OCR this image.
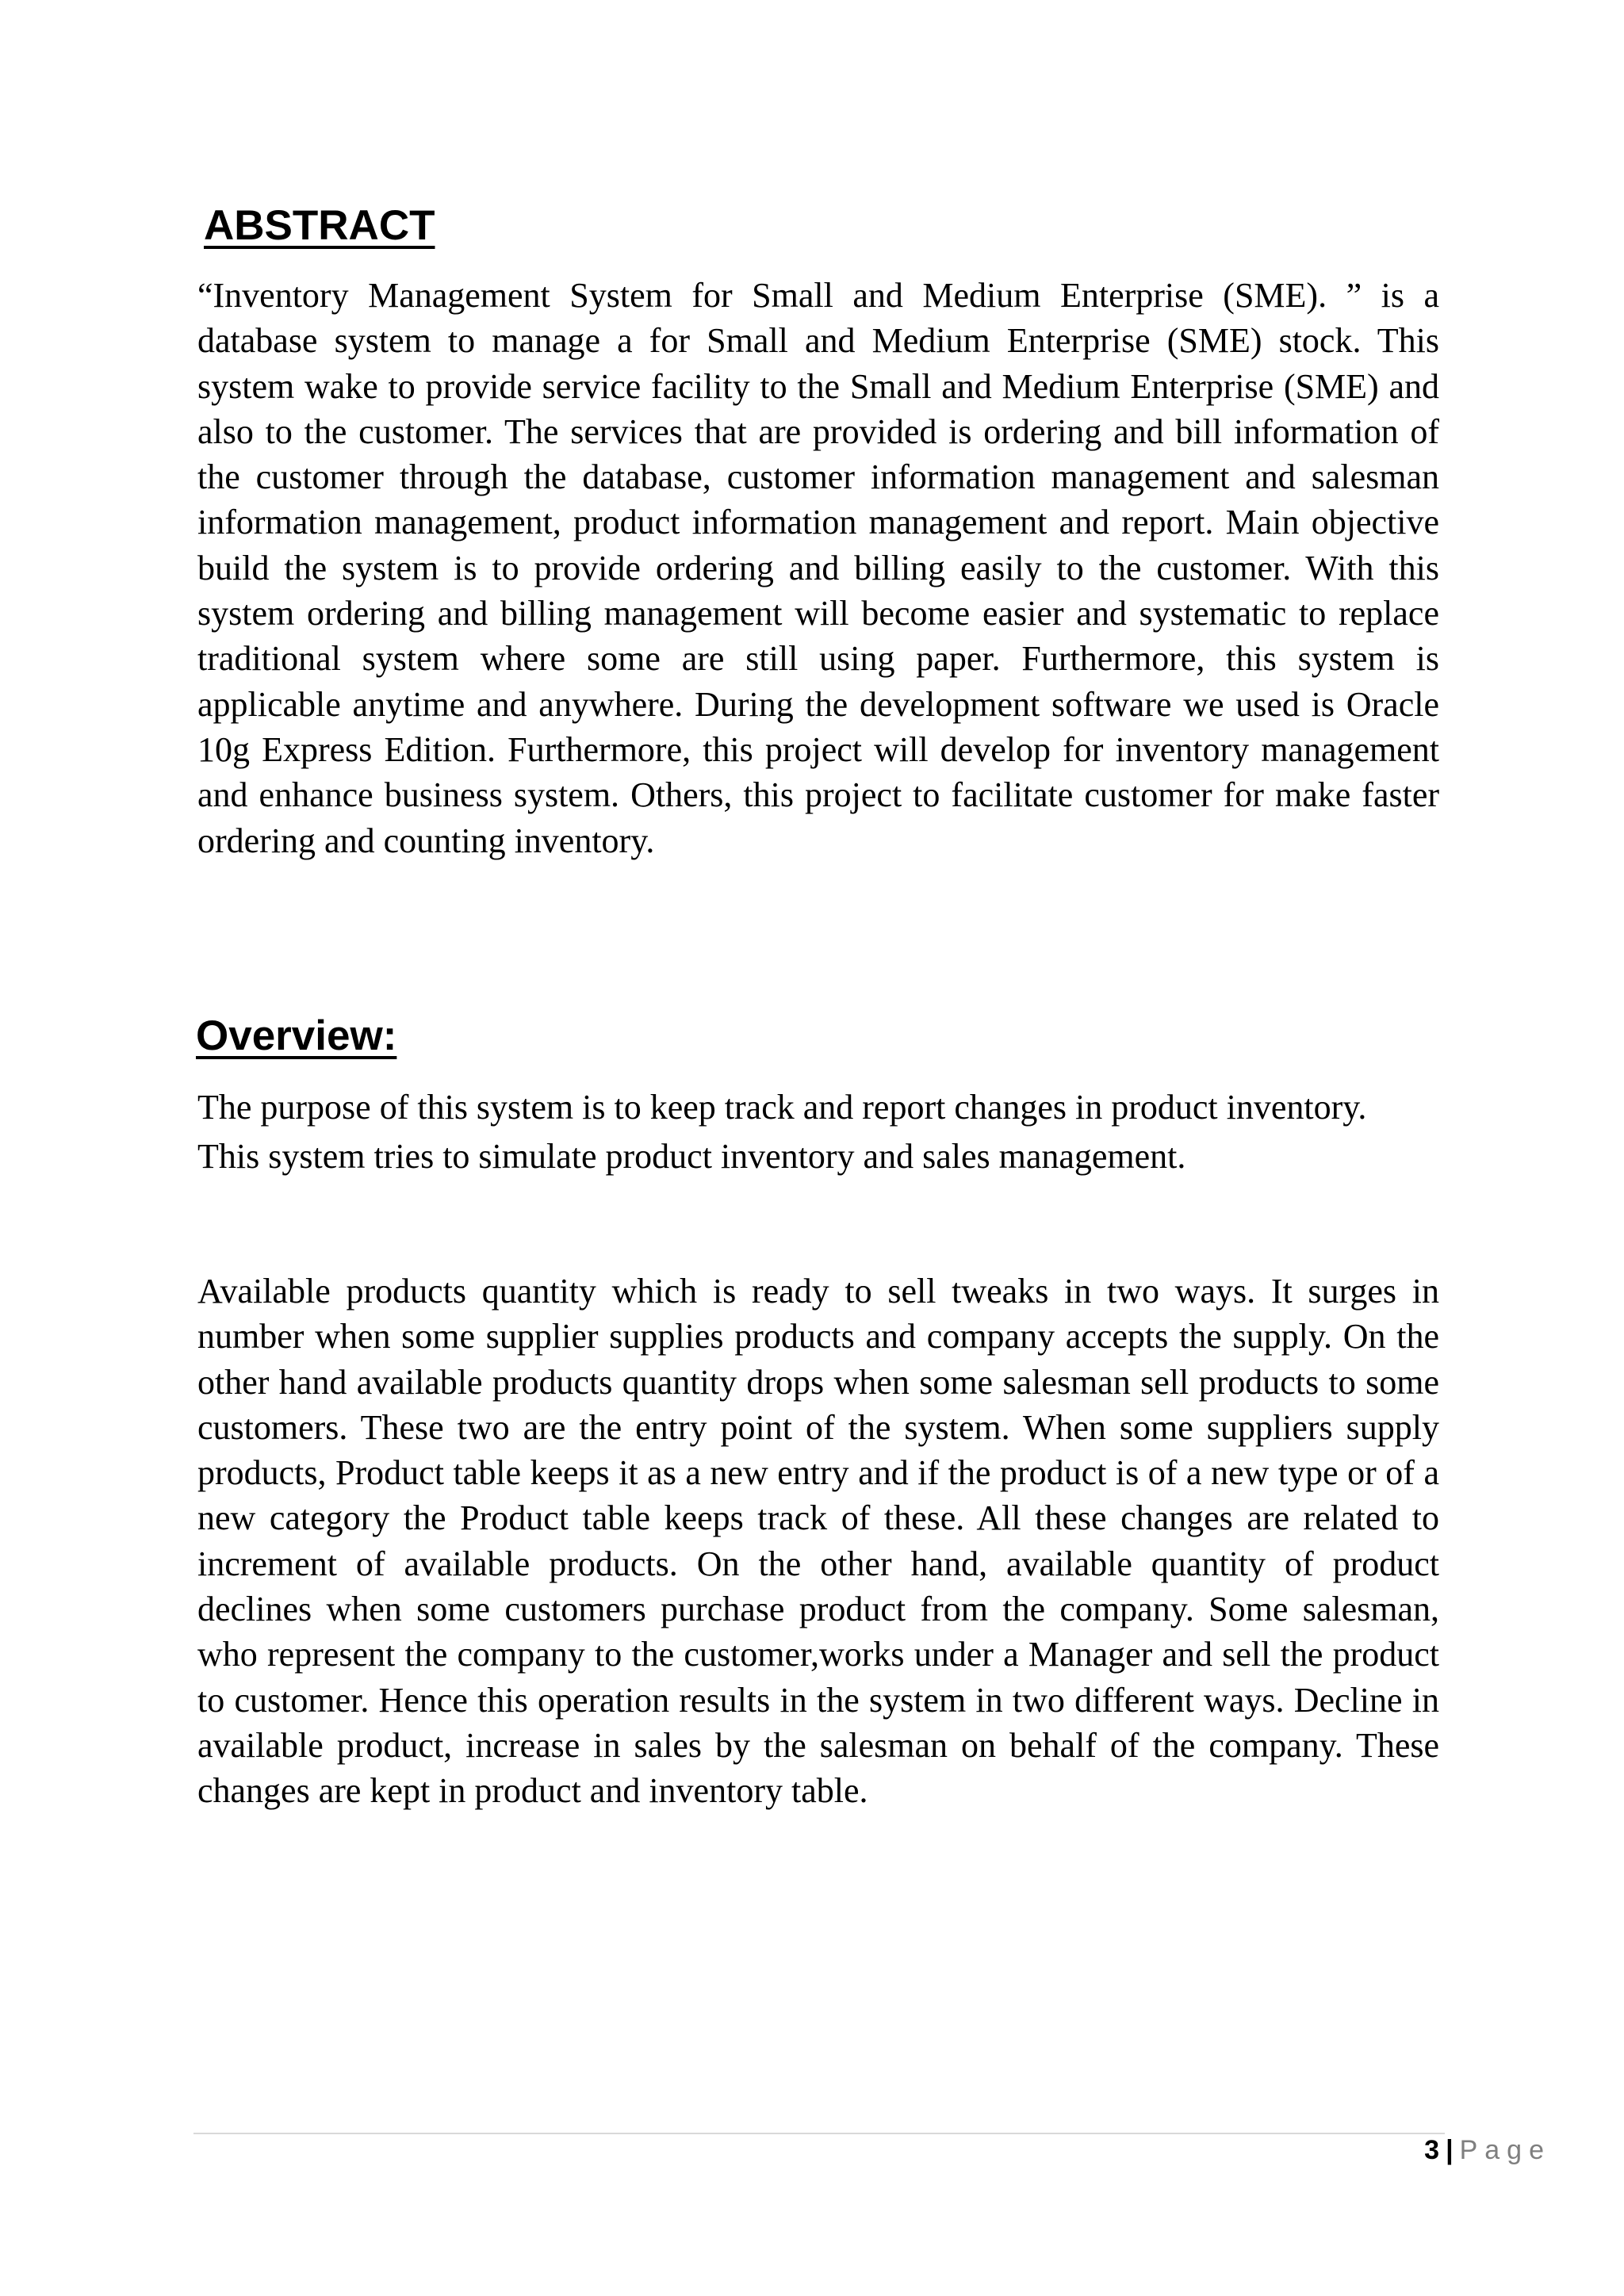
ABSTRACT

“Inventory Management System for Small and Medium Enterprise (SME). ” is a database system to manage a for Small and Medium Enterprise (SME) stock. This system wake to provide service facility to the Small and Medium Enterprise (SME) and also to the customer. The services that are provided is ordering and bill information of the customer through the database, customer information management and salesman information management, product information management and report. Main objective build the system is to provide ordering and billing easily to the customer. With this system ordering and billing management will become easier and systematic to replace traditional system where some are still using paper. Furthermore, this system is applicable anytime and anywhere. During the development software we used is Oracle 10g Express Edition. Furthermore, this project will develop for inventory management and enhance business system. Others, this project to facilitate customer for make faster ordering and counting inventory.

Overview:

The purpose of this system is to keep track and report changes in product inventory. This system tries to simulate product inventory and sales management.

Available products quantity which is ready to sell tweaks in two ways. It surges in number when some supplier supplies products and company accepts the supply. On the other hand available products quantity drops when some salesman sell products to some customers. These two are the entry point of the system. When some suppliers supply products, Product table keeps it as a new entry and if the product is of a new type or of a new category the Product table keeps track of these. All these changes are related to increment of available products. On the other hand, available quantity of product declines when some customers purchase product from the company. Some salesman, who represent the company to the customer,works under a Manager and sell the product to customer. Hence this operation results in the system in two different ways. Decline in available product, increase in sales by the salesman on behalf of the company. These changes are kept in product and inventory table.

3 | Page
